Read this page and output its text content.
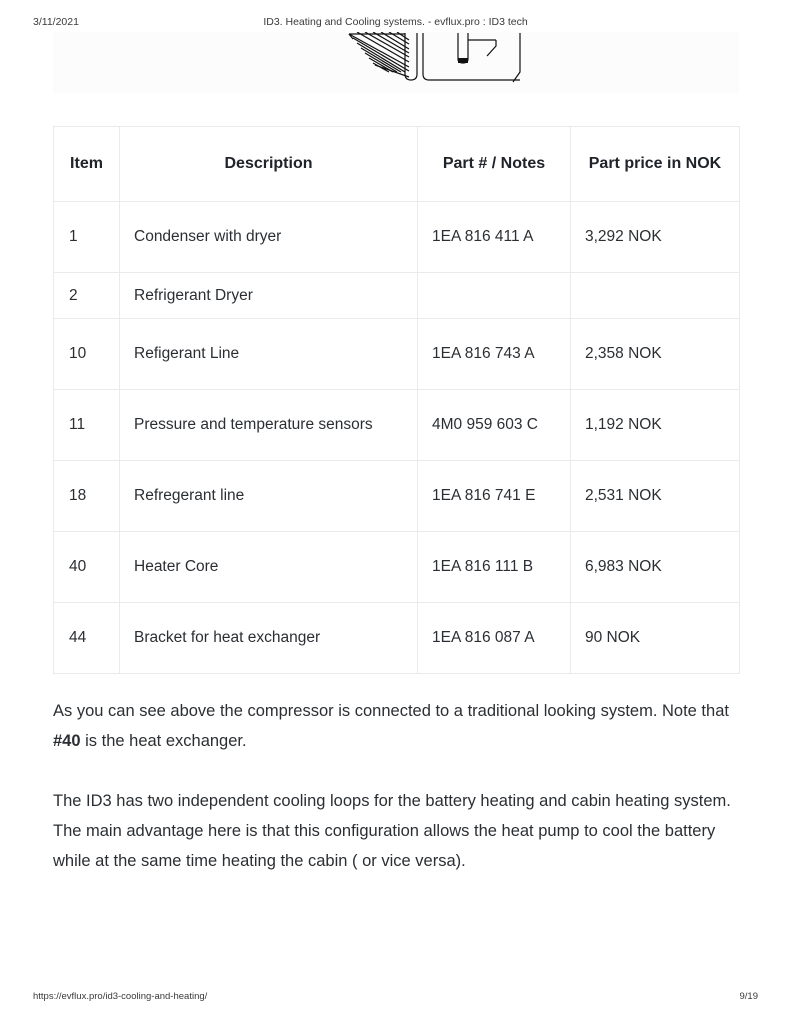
3/11/2021	ID3. Heating and Cooling systems. - evflux.pro : ID3 tech
Item	Description	Part # / Notes	Part price in NOK
1	Condenser with dryer	1EA 816 411 A	3,292 NOK
2	Refrigerant Dryer		
10	Refigerant Line	1EA 816 743 A	2,358 NOK
11	Pressure and temperature sensors	4M0 959 603 C	1,192 NOK
18	Refregerant line	1EA 816 741 E	2,531 NOK
40	Heater Core	1EA 816 111 B	6,983 NOK
44	Bracket for heat exchanger	1EA 816 087 A	90 NOK
As you can see above the compressor is connected to a traditional looking system. Note that #40 is the heat exchanger.
The ID3 has two independent cooling loops for the battery heating and cabin heating system. The main advantage here is that this configuration allows the heat pump to cool the battery while at the same time heating the cabin ( or vice versa).
https://evflux.pro/id3-cooling-and-heating/	9/19
